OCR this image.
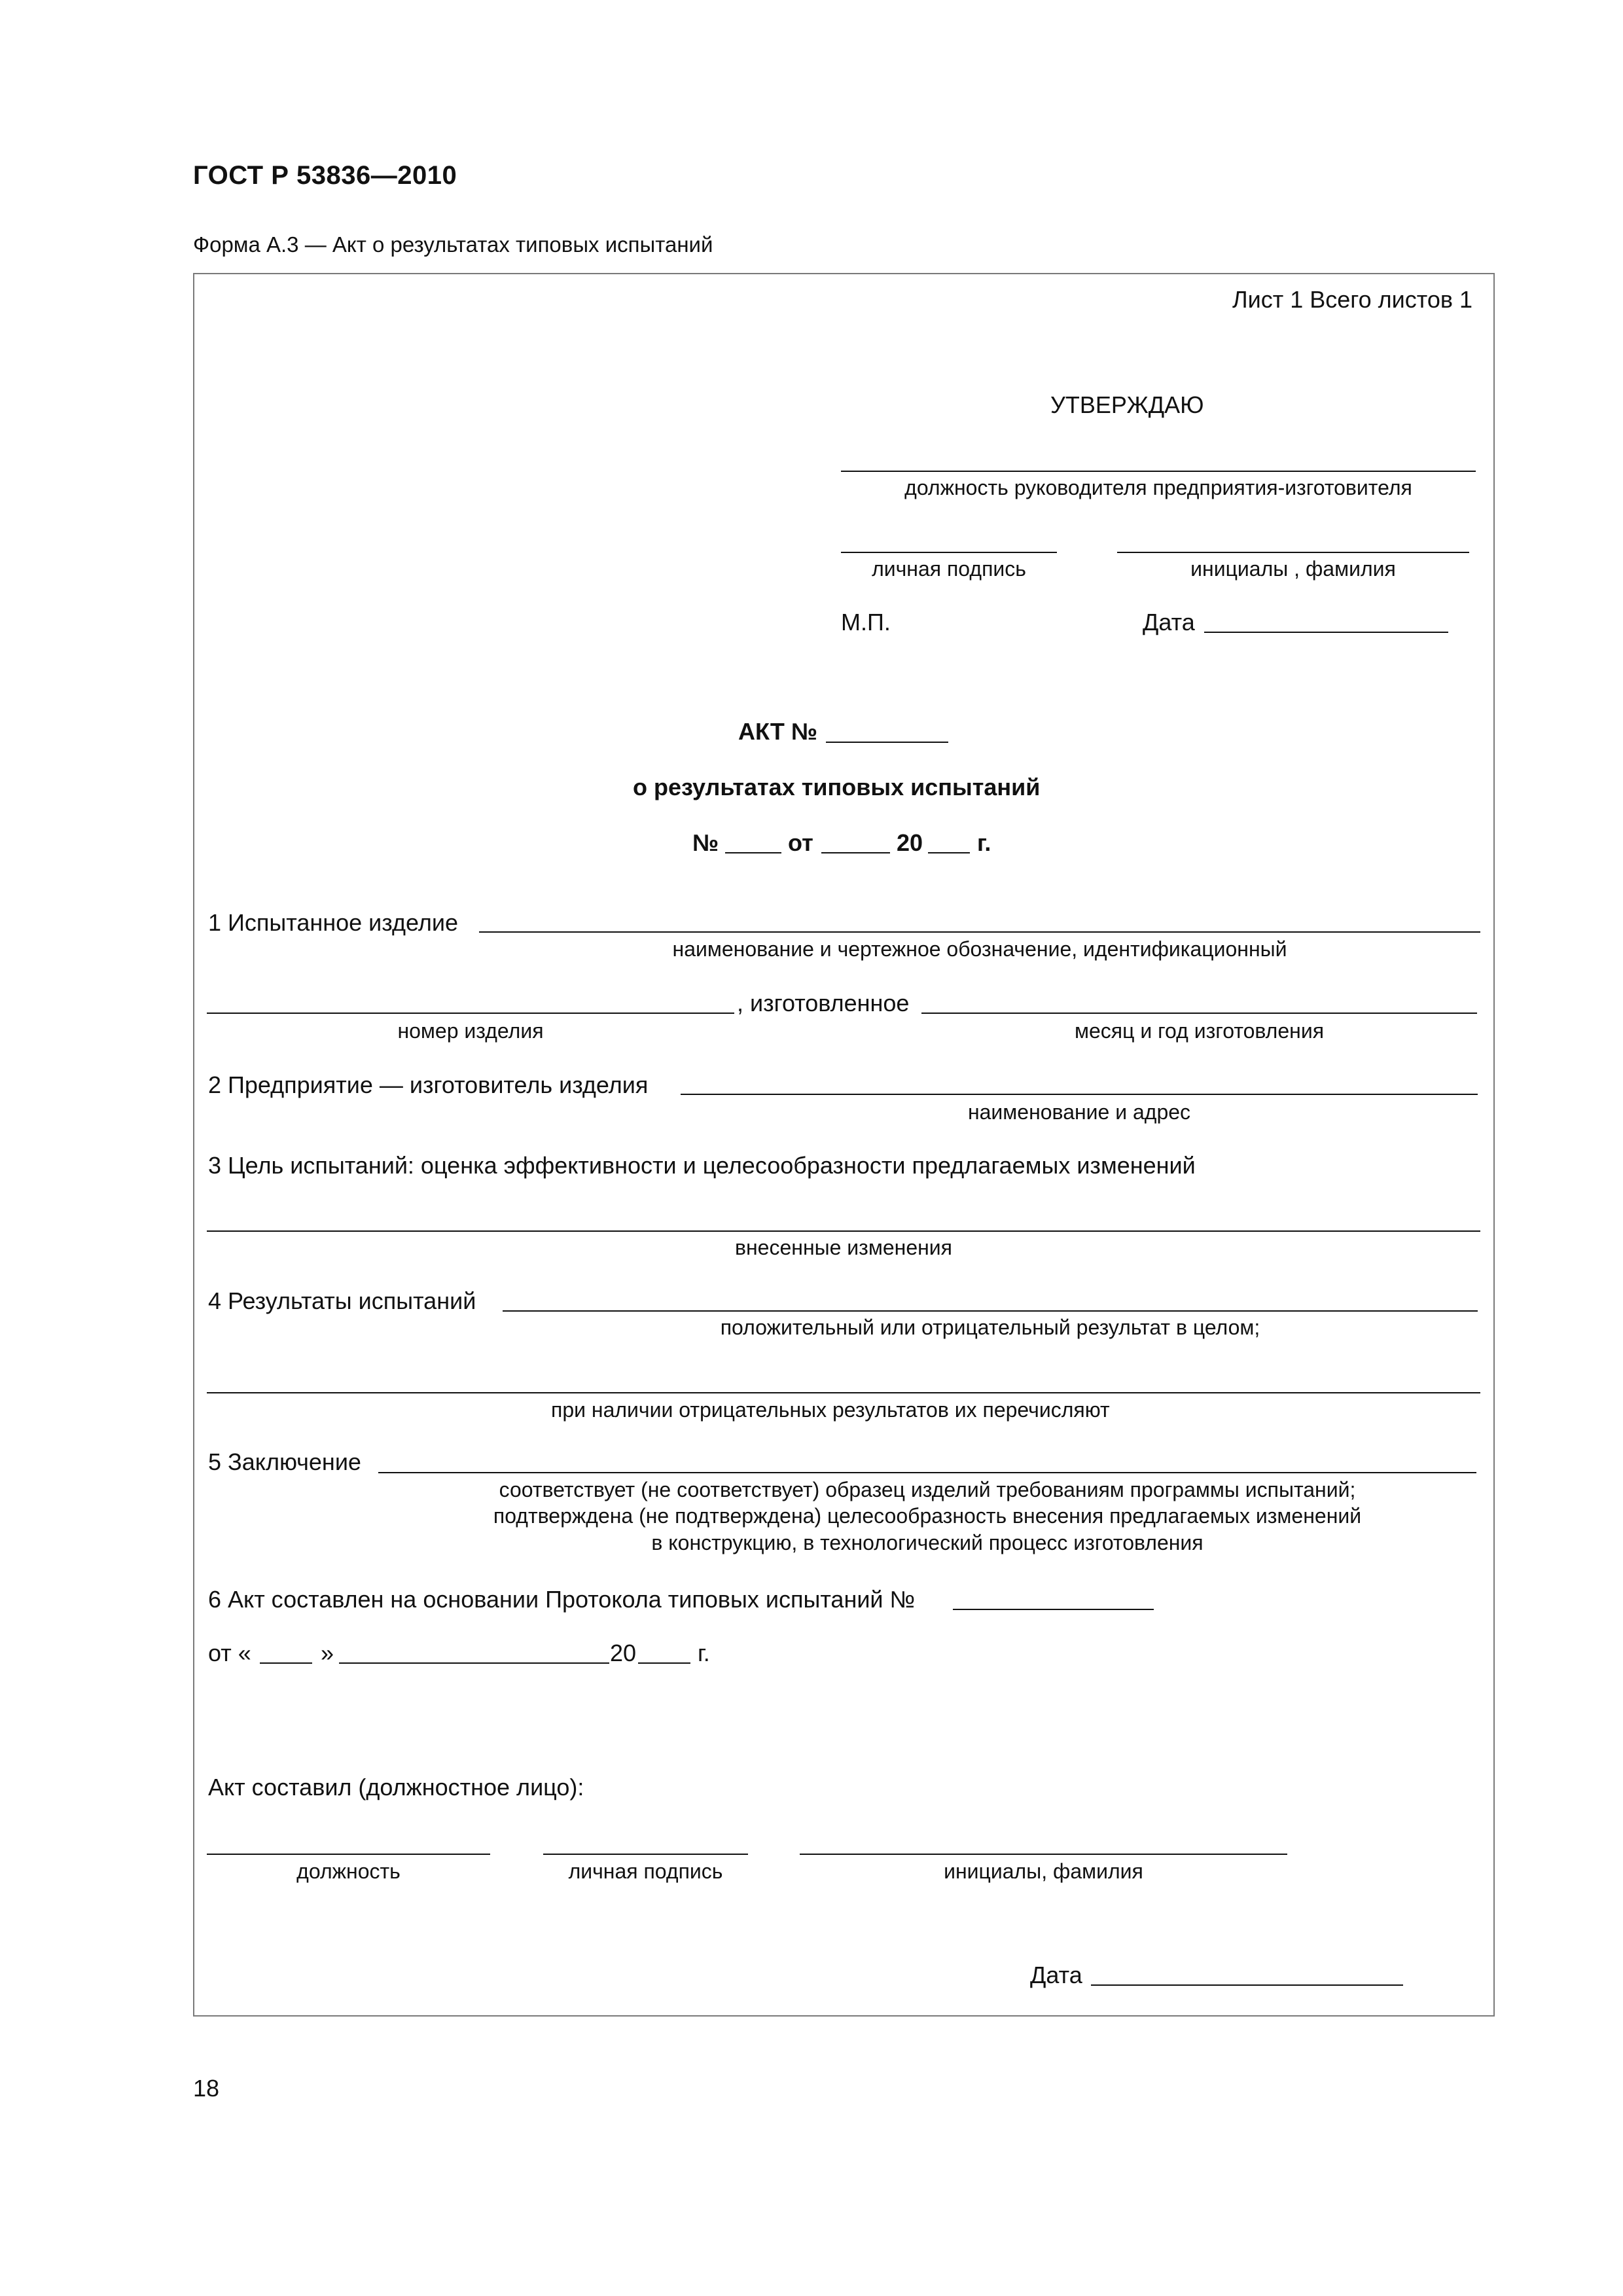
ГОСТ Р 53836—2010
Форма А.3 — Акт о результатах типовых испытаний
Лист 1 Всего листов 1
УТВЕРЖДАЮ
должность руководителя предприятия-изготовителя
личная подпись	инициалы , фамилия
М.П.	Дата
АКТ №
о результатах типовых испытаний
№	от	20 г.
1 Испытанное изделие
наименование и чертежное обозначение, идентификационный
, изготовленное
номер изделия	месяц и год изготовления
2 Предприятие — изготовитель изделия
наименование и адрес
3 Цель испытаний: оценка эффективности и целесообразности предлагаемых изменений
внесенные изменения
4 Результаты испытаний
положительный или отрицательный результат в целом;
при наличии отрицательных результатов их перечисляют
5 Заключение
соответствует (не соответствует) образец изделий требованиям программы испытаний;
подтверждена (не подтверждена) целесообразность внесения предлагаемых изменений
в конструкцию, в технологический процесс изготовления
6 Акт составлен на основании Протокола типовых испытаний №
от «	»	20	г.
Акт составил (должностное лицо):
должность	личная подпись	инициалы, фамилия
Дата
18
